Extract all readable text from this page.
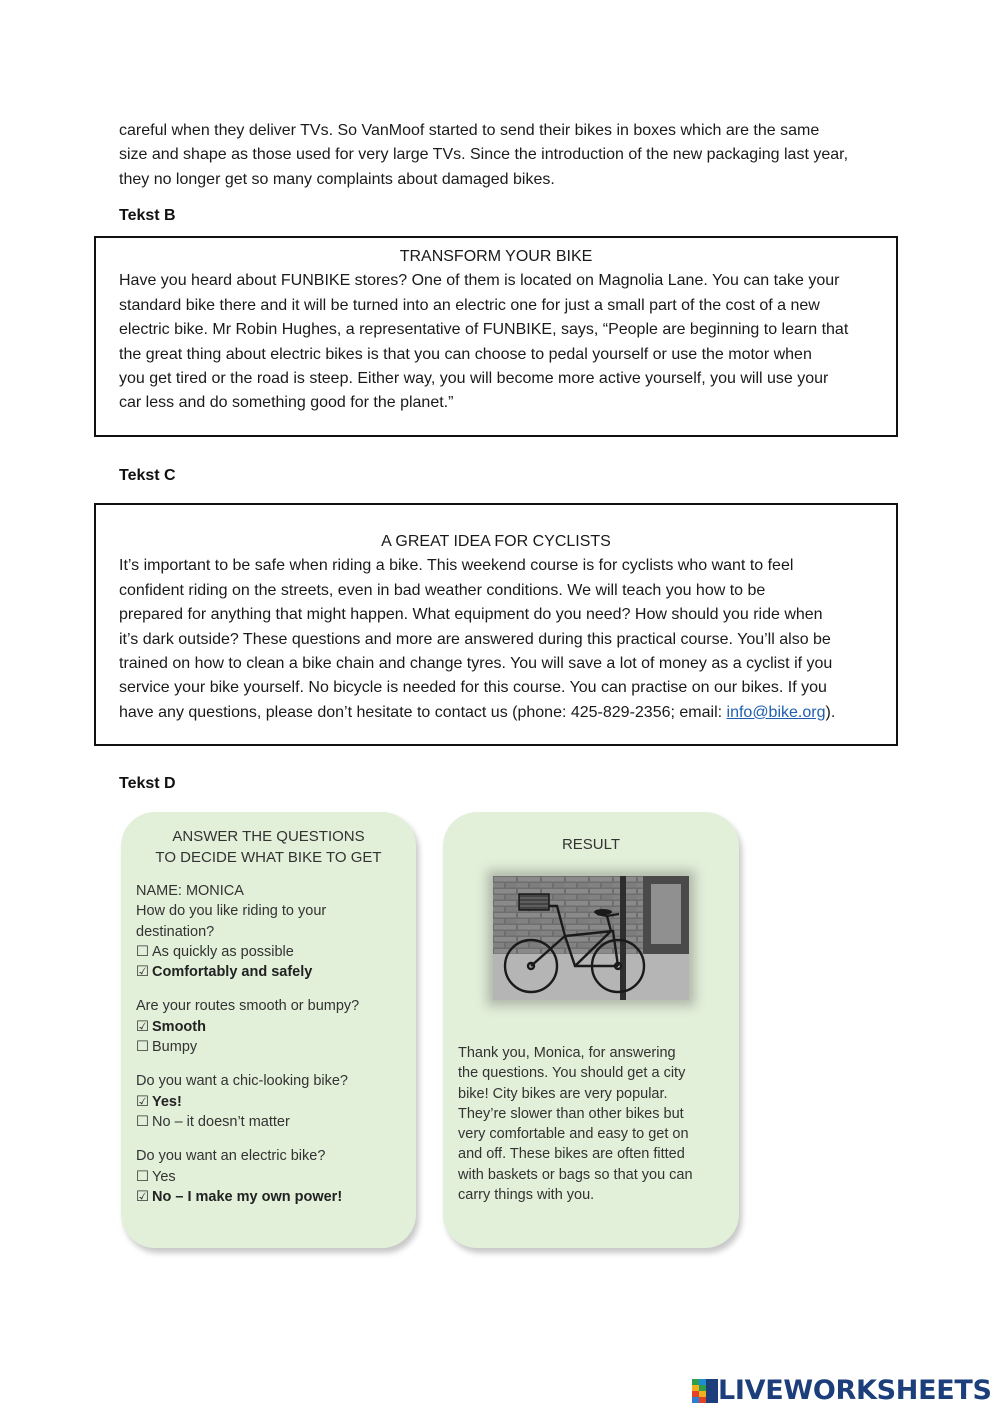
careful when they deliver TVs. So VanMoof started to send their bikes in boxes which are the same
size and shape as those used for very large TVs. Since the introduction of the new packaging last year,
they no longer get so many complaints about damaged bikes.
Tekst B
TRANSFORM YOUR BIKE
Have you heard about FUNBIKE stores? One of them is located on Magnolia Lane. You can take your
standard bike there and it will be turned into an electric one for just a small part of the cost of a new
electric bike. Mr Robin Hughes, a representative of FUNBIKE, says, “People are beginning to learn that
the great thing about electric bikes is that you can choose to pedal yourself or use the motor when
you get tired or the road is steep. Either way, you will become more active yourself, you will use your
car less and do something good for the planet.”
Tekst C
A GREAT IDEA FOR CYCLISTS
It’s important to be safe when riding a bike. This weekend course is for cyclists who want to feel
confident riding on the streets, even in bad weather conditions. We will teach you how to be
prepared for anything that might happen. What equipment do you need? How should you ride when
it’s dark outside? These questions and more are answered during this practical course. You’ll also be
trained on how to clean a bike chain and change tyres. You will save a lot of money as a cyclist if you
service your bike yourself. No bicycle is needed for this course. You can practise on our bikes. If you
have any questions, please don’t hesitate to contact us (phone: 425-829-2356; email: info@bike.org).
Tekst D
ANSWER THE QUESTIONS
TO DECIDE WHAT BIKE TO GET
NAME: MONICA
How do you like riding to your
destination?
☐ As quickly as possible
☑ Comfortably and safely
Are your routes smooth or bumpy?
☑ Smooth
☐ Bumpy
Do you want a chic-looking bike?
☑ Yes!
☐ No – it doesn’t matter
Do you want an electric bike?
☐ Yes
☑ No – I make my own power!
RESULT
Thank you, Monica, for answering
the questions. You should get a city
bike! City bikes are very popular.
They’re slower than other bikes but
very comfortable and easy to get on
and off. These bikes are often fitted
with baskets or bags so that you can
carry things with you.
LIVEWORKSHEETS
